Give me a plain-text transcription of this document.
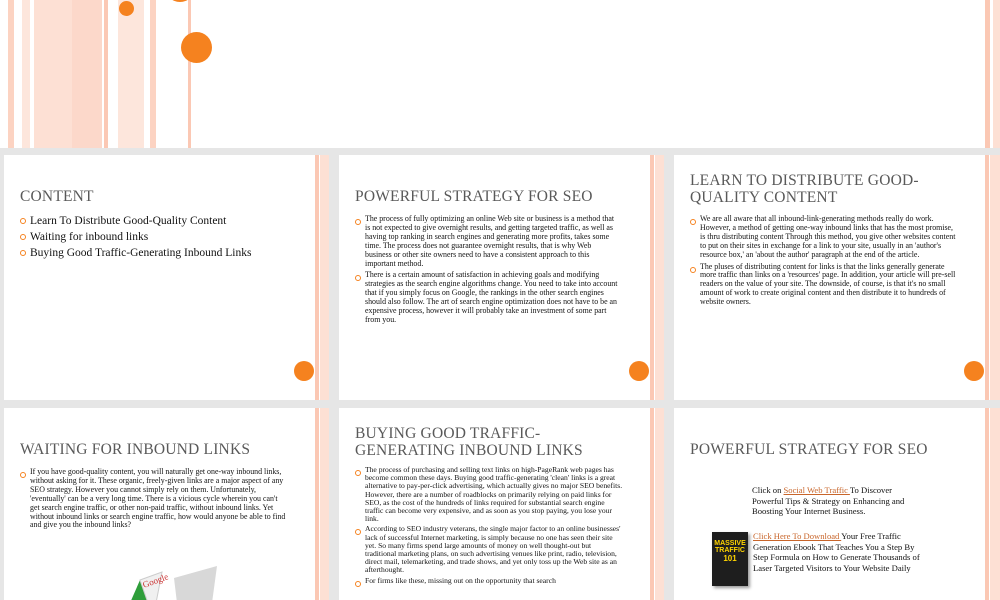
CONTENT
Learn To Distribute Good-Quality Content
Waiting for inbound links
Buying Good Traffic-Generating Inbound Links
POWERFUL STRATEGY FOR SEO
The process of fully optimizing an online Web site or business is a method that is not expected to give overnight results, and getting targeted traffic, as well as having top ranking in search engines and generating more profits, takes some time. The process does not guarantee overnight results, that is why Web business or other site owners need to have a consistent approach to this important method.
There is a certain amount of satisfaction in achieving goals and modifying strategies as the search engine algorithms change. You need to take into account that if you simply focus on Google, the rankings in the other search engines should also follow. The art of search engine optimization does not have to be an expensive process, however it will probably take an investment of some part from you.
LEARN TO DISTRIBUTE GOOD-
QUALITY CONTENT
We are all aware that all inbound-link-generating methods really do work. However, a method of getting one-way inbound links that has the most promise, is thru distributing content Through this method, you give other websites content to put on their sites in exchange for a link to your site, usually in an 'author's resource box,' an 'about the author' paragraph at the end of the article.
The pluses of distributing content for links is that the links generally generate more traffic than links on a 'resources' page. In addition, your article will pre-sell readers on the value of your site. The downside, of course, is that it's no small amount of work to create original content and then distribute it to hundreds of website owners.
WAITING FOR INBOUND LINKS
If you have good-quality content, you will naturally get one-way inbound links, without asking for it. These organic, freely-given links are a major aspect of any SEO strategy. However you cannot simply rely on them. Unfortunately, 'eventually' can be a very long time. There is a vicious cycle wherein you can't get search engine traffic, or other non-paid traffic, without inbound links. Yet without inbound links or search engine traffic, how would anyone be able to find and give you the inbound links?
Google
BUYING GOOD TRAFFIC-
GENERATING INBOUND LINKS
The process of purchasing and selling text links on high-PageRank web pages has become common these days. Buying good traffic-generating 'clean' links is a great alternative to pay-per-click advertising, which actually gives no major SEO benefits. However, there are a number of roadblocks on primarily relying on paid links for SEO, as the cost of the hundreds of links required for substantial search engine traffic can become very expensive, and as soon as you stop paying, you lose your link.
According to SEO industry veterans, the single major factor to an online businesses' lack of successful Internet marketing, is simply because no one has seen their site yet. So many firms spend large amounts of money on well thought-out but traditional marketing plans, on such advertising venues like print, radio, television, direct mail, telemarketing, and trade shows, and yet only toss up the Web site as an afterthought.
For firms like these, missing out on the opportunity that search
POWERFUL STRATEGY FOR SEO
Click on Social Web Traffic To Discover Powerful Tips & Strategy on Enhancing and Boosting Your Internet Business.
MASSIVE
TRAFFIC
101
Click Here To Download Your Free Traffic Generation Ebook That Teaches You a Step By Step Formula on How to Generate Thousands of Laser Targeted Visitors to Your Website Daily
